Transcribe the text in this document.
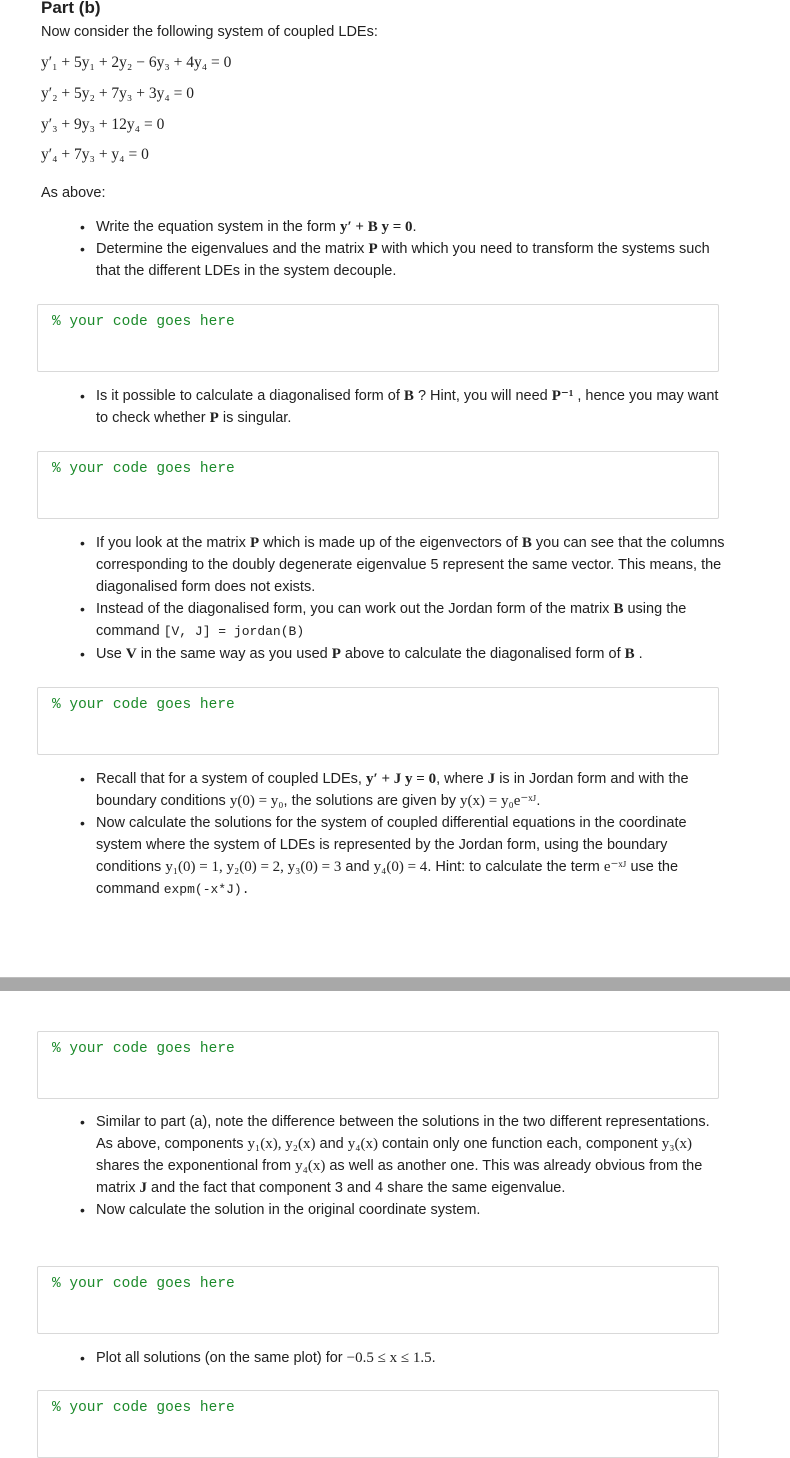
Part (b)
Now consider the following system of coupled LDEs:
y′₁ + 5y₁ + 2y₂ − 6y₃ + 4y₄ = 0
y′₂ + 5y₂ + 7y₃ + 3y₄ = 0
y′₃ + 9y₃ + 12y₄ = 0
y′₄ + 7y₃ + y₄ = 0
As above:
• Write the equation system in the form y′ + B y = 0.
• Determine the eigenvalues and the matrix P with which you need to transform the systems such that the different LDEs in the system decouple.
% your code goes here
• Is it possible to calculate a diagonalised form of B ? Hint, you will need P⁻¹ , hence you may want to check whether P is singular.
% your code goes here
• If you look at the matrix P which is made up of the eigenvectors of B you can see that the columns corresponding to the doubly degenerate eigenvalue 5 represent the same vector. This means, the diagonalised form does not exists.
• Instead of the diagonalised form, you can work out the Jordan form of the matrix B using the command [V, J] = jordan(B)
• Use V in the same way as you used P above to calculate the diagonalised form of B .
% your code goes here
• Recall that for a system of coupled LDEs, y′ + J y = 0, where J is in Jordan form and with the boundary conditions y(0) = y₀, the solutions are given by y(x) = y₀e⁻ˣᴶ.
• Now calculate the solutions for the system of coupled differential equations in the coordinate system where the system of LDEs is represented by the Jordan form, using the boundary conditions y₁(0) = 1, y₂(0) = 2, y₃(0) = 3 and y₄(0) = 4. Hint: to calculate the term e⁻ˣᴶ use the command expm(-x*J).
% your code goes here
• Similar to part (a), note the difference between the solutions in the two different representations. As above, components y₁(x), y₂(x) and y₄(x) contain only one function each, component y₃(x) shares the exponentional from y₄(x) as well as another one. This was already obvious from the matrix J and the fact that component 3 and 4 share the same eigenvalue.
• Now calculate the solution in the original coordinate system.
% your code goes here
• Plot all solutions (on the same plot) for −0.5 ≤ x ≤ 1.5.
% your code goes here
